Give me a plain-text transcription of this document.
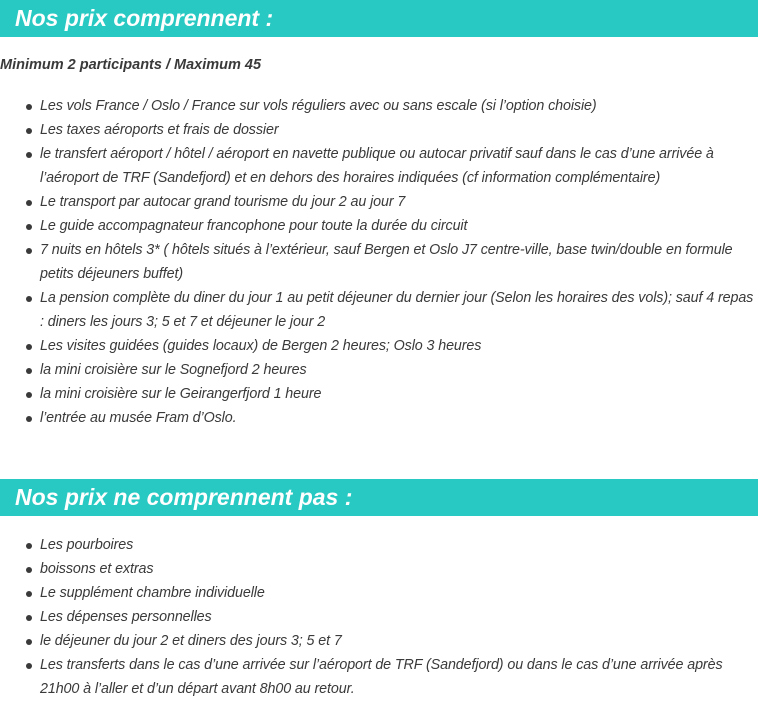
Nos prix comprennent :
Minimum 2 participants / Maximum 45
Les vols France / Oslo / France sur vols réguliers avec ou sans escale (si l’option choisie)
Les taxes aéroports et frais de dossier
le transfert aéroport / hôtel / aéroport en navette publique ou autocar privatif sauf dans le cas d’une arrivée à l’aéroport de TRF (Sandefjord) et en dehors des horaires indiquées (cf information complémentaire)
Le transport par autocar grand tourisme du jour 2 au jour 7
Le guide accompagnateur francophone pour toute la durée du circuit
7 nuits en hôtels 3* ( hôtels situés à l’extérieur, sauf Bergen et Oslo J7 centre-ville, base twin/double en formule petits déjeuners buffet)
La pension complète du diner du jour 1 au petit déjeuner du dernier jour (Selon les horaires des vols); sauf 4 repas : diners les jours 3; 5 et 7 et déjeuner le jour 2
Les visites guidées (guides locaux) de Bergen 2 heures; Oslo 3 heures
la mini croisière sur le Sognefjord 2 heures
la mini croisière sur le Geirangerfjord 1 heure
l’entrée au musée Fram d’Oslo.
Nos prix ne comprennent pas :
Les pourboires
boissons et extras
Le supplément chambre individuelle
Les dépenses personnelles
le déjeuner du jour 2 et diners des jours 3; 5 et 7
Les transferts dans le cas d’une arrivée sur l’aéroport de TRF (Sandefjord) ou dans le cas d’une arrivée après 21h00 à l’aller et d’un départ avant 8h00 au retour.
